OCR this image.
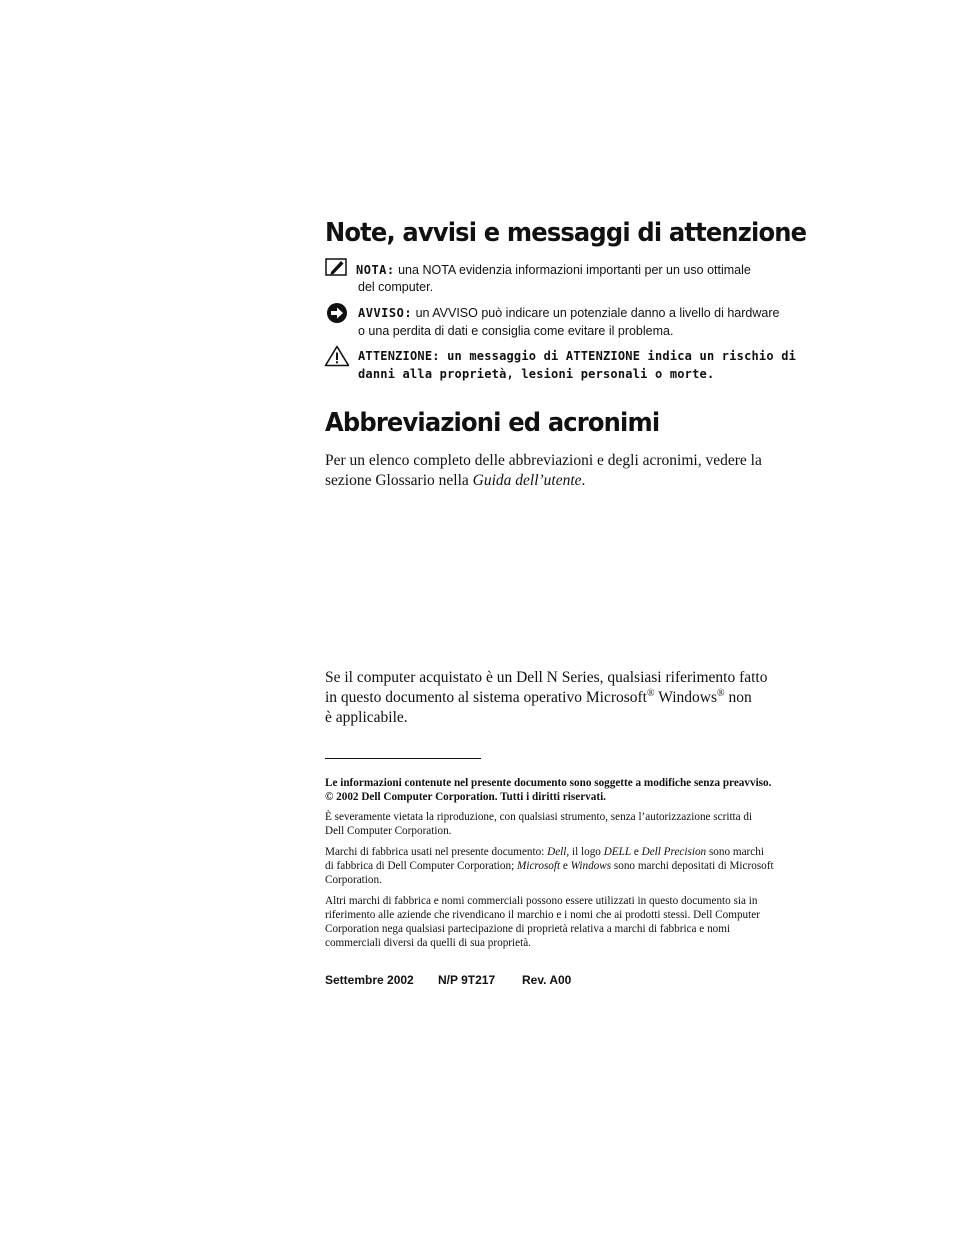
Note, avvisi e messaggi di attenzione
NOTA: una NOTA evidenzia informazioni importanti per un uso ottimale
del computer.
AVVISO: un AVVISO può indicare un potenziale danno a livello di hardware
o una perdita di dati e consiglia come evitare il problema.
ATTENZIONE: un messaggio di ATTENZIONE indica un rischio di
danni alla proprietà, lesioni personali o morte.
Abbreviazioni ed acronimi
Per un elenco completo delle abbreviazioni e degli acronimi, vedere la
sezione Glossario nella Guida dell’utente.
Se il computer acquistato è un Dell N Series, qualsiasi riferimento fatto
in questo documento al sistema operativo Microsoft® Windows® non
è applicabile.
Le informazioni contenute nel presente documento sono soggette a modifiche senza preavviso.
© 2002 Dell Computer Corporation. Tutti i diritti riservati.
È severamente vietata la riproduzione, con qualsiasi strumento, senza l’autorizzazione scritta di
Dell Computer Corporation.
Marchi di fabbrica usati nel presente documento: Dell, il logo DELL e Dell Precision sono marchi
di fabbrica di Dell Computer Corporation; Microsoft e Windows sono marchi depositati di Microsoft
Corporation.
Altri marchi di fabbrica e nomi commerciali possono essere utilizzati in questo documento sia in
riferimento alle aziende che rivendicano il marchio e i nomi che ai prodotti stessi. Dell Computer
Corporation nega qualsiasi partecipazione di proprietà relativa a marchi di fabbrica e nomi
commerciali diversi da quelli di sua proprietà.
Settembre 2002 N/P 9T217 Rev. A00
